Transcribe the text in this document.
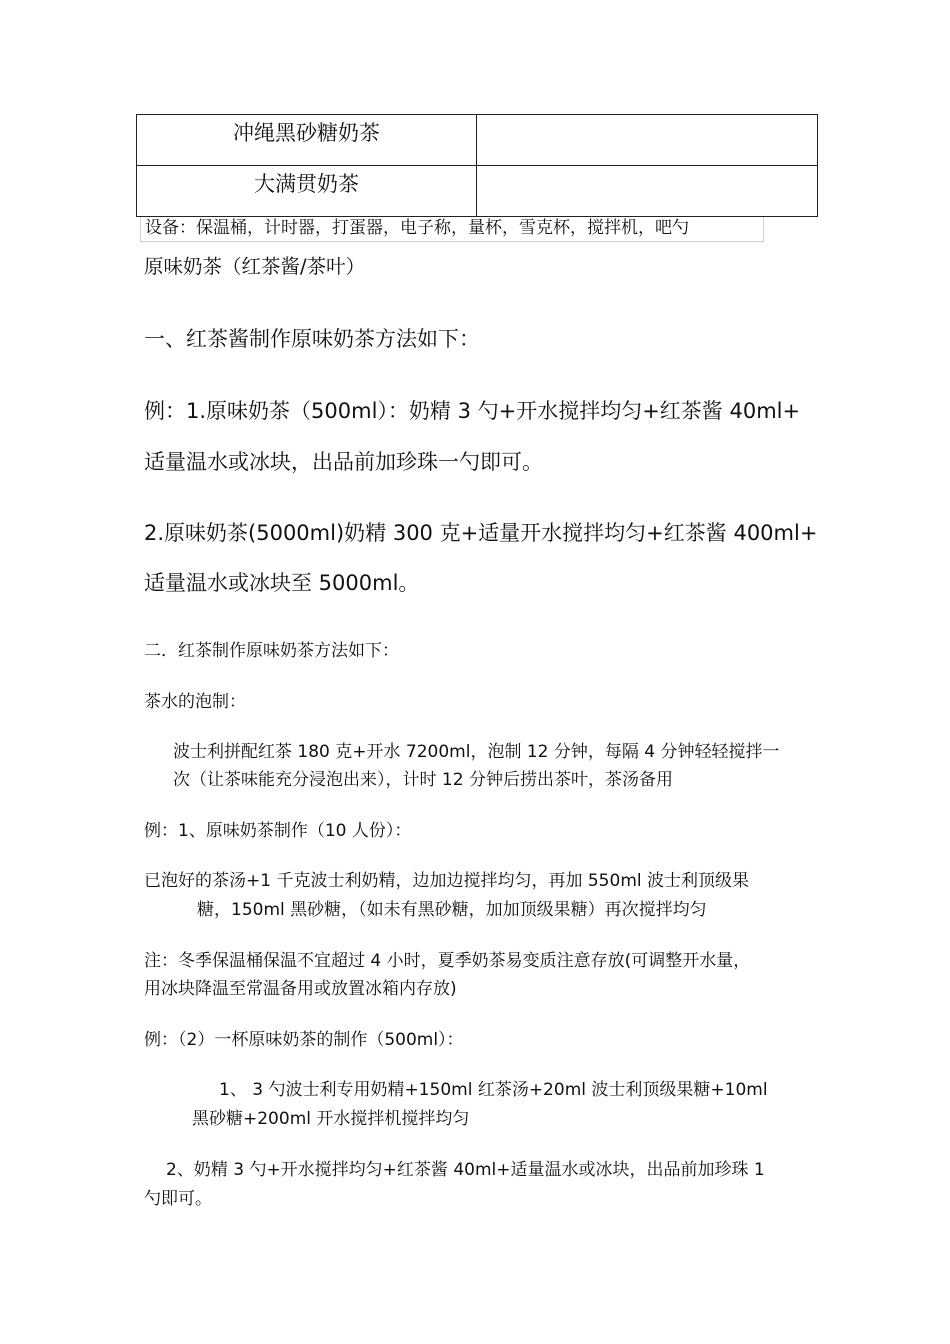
冲绳黑砂糖奶茶	
大满贯奶茶	
设备：保温桶，计时器，打蛋器，电子称，量杯，雪克杯，搅拌机，吧勺
原味奶茶（红茶酱/茶叶）
一、红茶酱制作原味奶茶方法如下：
例：1.原味奶茶（500ml）：奶精 3 勺+开水搅拌均匀+红茶酱 40ml+
适量温水或冰块，出品前加珍珠一勺即可。
2.原味奶茶(5000ml)奶精 300 克+适量开水搅拌均匀+红茶酱 400ml+
适量温水或冰块至 5000ml。
二．红茶制作原味奶茶方法如下：
茶水的泡制：
波士利拼配红茶 180 克+开水 7200ml，泡制 12 分钟，每隔 4 分钟轻轻搅拌一
次（让茶味能充分浸泡出来），计时 12 分钟后捞出茶叶，茶汤备用
例：1、原味奶茶制作（10 人份）：
已泡好的茶汤+1 千克波士利奶精，边加边搅拌均匀，再加 550ml 波士利顶级果
糖，150ml 黑砂糖，（如未有黑砂糖，加加顶级果糖）再次搅拌均匀
注：冬季保温桶保温不宜超过 4 小时，夏季奶茶易变质注意存放(可调整开水量，
用冰块降温至常温备用或放置冰箱内存放)
例：（2）一杯原味奶茶的制作（500ml）：
1、 3 勺波士利专用奶精+150ml 红茶汤+20ml 波士利顶级果糖+10ml
黑砂糖+200ml 开水搅拌机搅拌均匀
2、奶精 3 勺+开水搅拌均匀+红茶酱 40ml+适量温水或冰块，出品前加珍珠 1
勺即可。
